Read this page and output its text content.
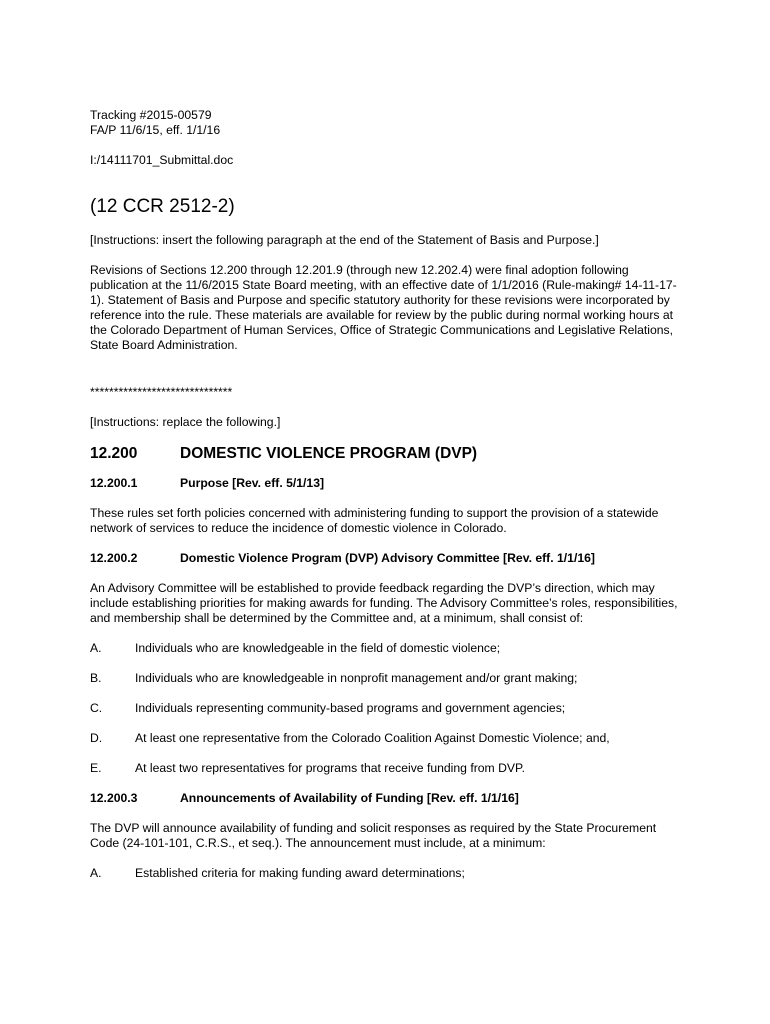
Tracking #2015-00579

FA/P 11/6/15, eff. 1/1/16

I:/14111701_Submittal.doc

(12 CCR 2512-2)

[Instructions: insert the following paragraph at the end of the Statement of Basis and Purpose.]

Revisions of Sections 12.200 through 12.201.9 (through new 12.202.4) were final adoption following publication at the 11/6/2015 State Board meeting, with an effective date of 1/1/2016 (Rule-making# 14-11-17-1). Statement of Basis and Purpose and specific statutory authority for these revisions were incorporated by reference into the rule. These materials are available for review by the public during normal working hours at the Colorado Department of Human Services, Office of Strategic Communications and Legislative Relations, State Board Administration.

******************************

[Instructions: replace the following.]

12.200	DOMESTIC VIOLENCE PROGRAM (DVP)
12.200.1	Purpose [Rev. eff. 5/1/13]

These rules set forth policies concerned with administering funding to support the provision of a statewide network of services to reduce the incidence of domestic violence in Colorado.

12.200.2	Domestic Violence Program (DVP) Advisory Committee [Rev. eff. 1/1/16]

An Advisory Committee will be established to provide feedback regarding the DVP’s direction, which may include establishing priorities for making awards for funding. The Advisory Committee’s roles, responsibilities, and membership shall be determined by the Committee and, at a minimum, shall consist of:

A.	Individuals who are knowledgeable in the field of domestic violence;
B.	Individuals who are knowledgeable in nonprofit management and/or grant making;
C.	Individuals representing community-based programs and government agencies;
D.	At least one representative from the Colorado Coalition Against Domestic Violence; and,
E.	At least two representatives for programs that receive funding from DVP.
12.200.3	Announcements of Availability of Funding [Rev. eff. 1/1/16]

The DVP will announce availability of funding and solicit responses as required by the State Procurement Code (24-101-101, C.R.S., et seq.). The announcement must include, at a minimum:

A.	Established criteria for making funding award determinations;
